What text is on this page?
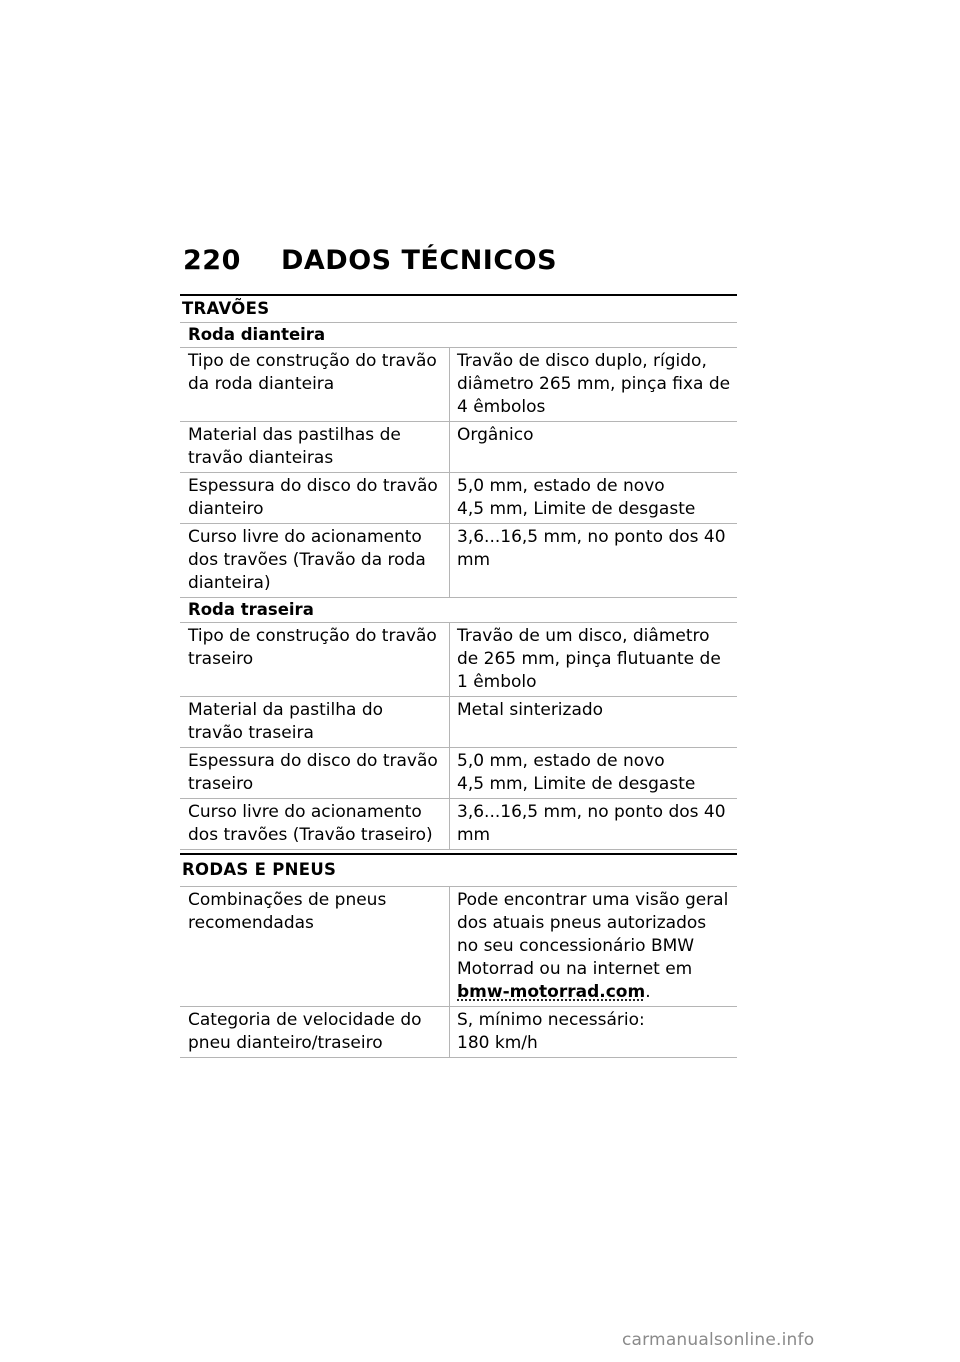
220	DADOS TÉCNICOS
TRAVÕES
Roda dianteira
Tipo de construção do travão da roda dianteira
Travão de disco duplo, rígido, diâmetro 265 mm, pinça fixa de 4 êmbolos
Material das pastilhas de travão dianteiras
Orgânico
Espessura do disco do travão dianteiro
5,0 mm, estado de novo
4,5 mm, Limite de desgaste
Curso livre do acionamento dos travões (Travão da roda dianteira)
3,6...16,5 mm, no ponto dos 40 mm
Roda traseira
Tipo de construção do travão traseiro
Travão de um disco, diâmetro de 265 mm, pinça flutuante de 1 êmbolo
Material da pastilha do travão traseira
Metal sinterizado
Espessura do disco do travão traseiro
5,0 mm, estado de novo
4,5 mm, Limite de desgaste
Curso livre do acionamento dos travões (Travão traseiro)
3,6...16,5 mm, no ponto dos 40 mm
RODAS E PNEUS
Combinações de pneus recomendadas
Pode encontrar uma visão geral dos atuais pneus autorizados no seu concessionário BMW Motorrad ou na internet em bmw-motorrad.com.
Categoria de velocidade do pneu dianteiro/traseiro
S, mínimo necessário:
180 km/h
carmanualsonline.info
